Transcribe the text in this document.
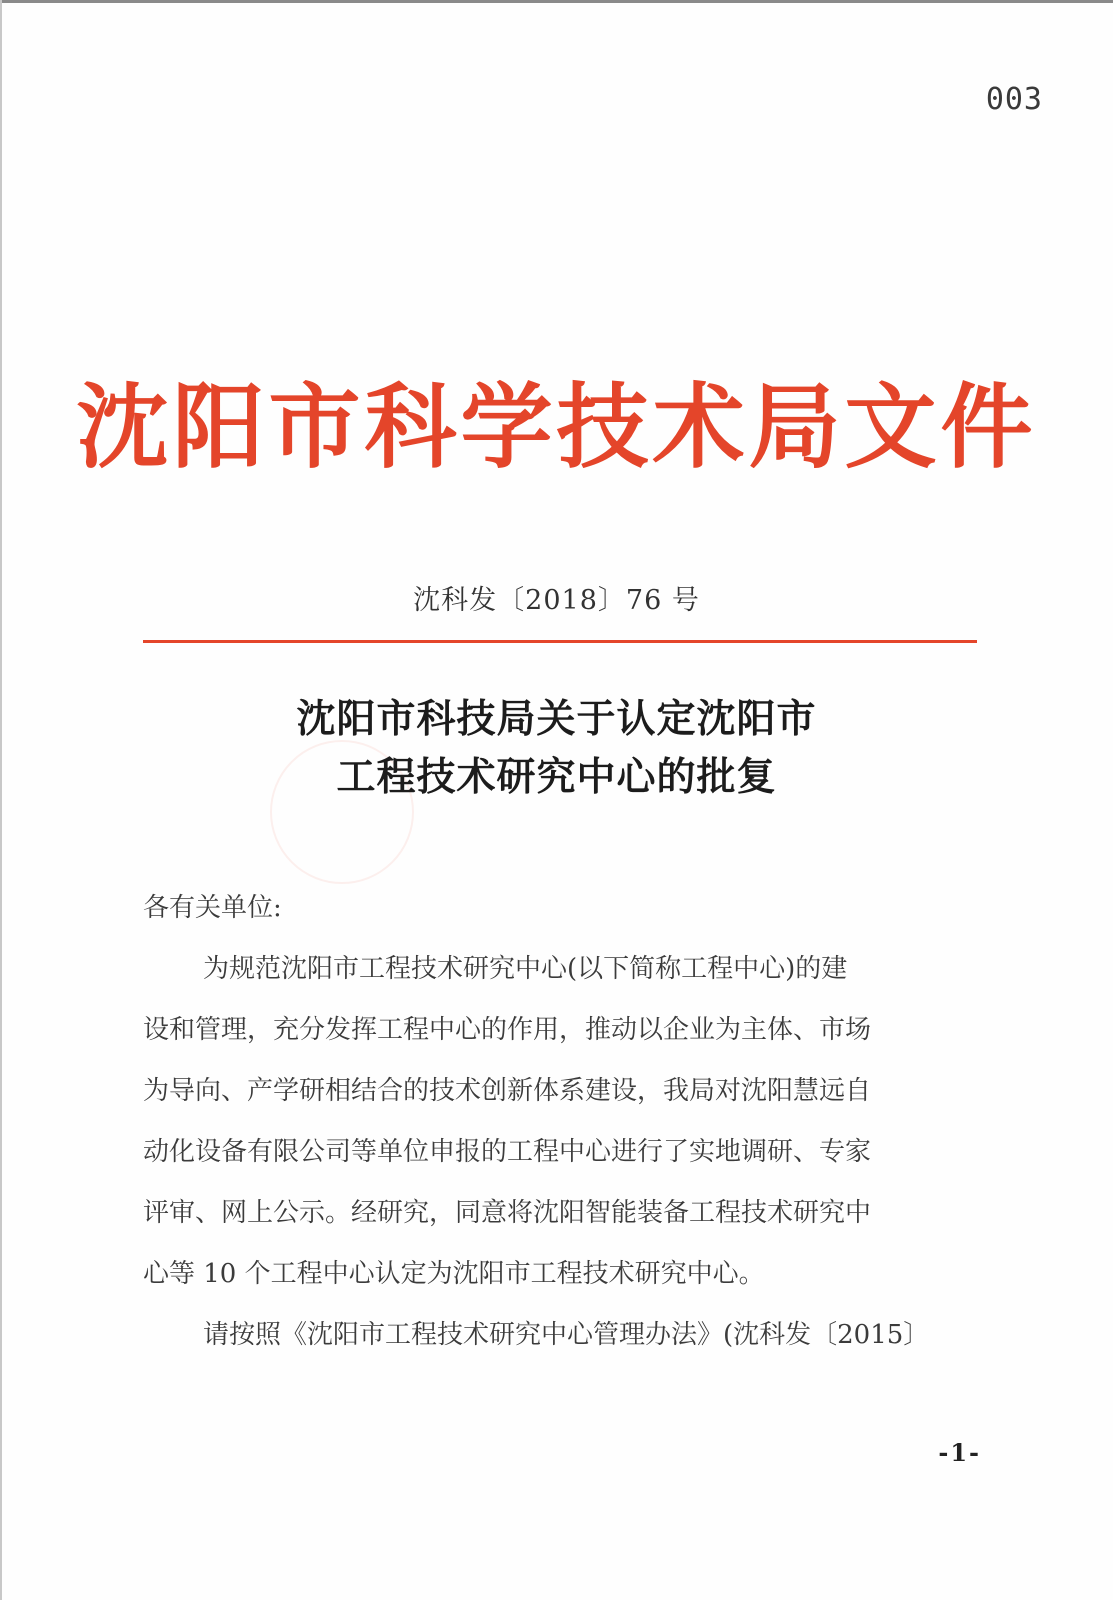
003
沈阳市科学技术局文件
沈科发〔2018〕76 号
沈阳市科技局关于认定沈阳市
工程技术研究中心的批复
各有关单位:
为规范沈阳市工程技术研究中心(以下简称工程中心)的建
设和管理，充分发挥工程中心的作用，推动以企业为主体、市场
为导向、产学研相结合的技术创新体系建设，我局对沈阳慧远自
动化设备有限公司等单位申报的工程中心进行了实地调研、专家
评审、网上公示。经研究，同意将沈阳智能装备工程技术研究中
心等 10 个工程中心认定为沈阳市工程技术研究中心。
请按照《沈阳市工程技术研究中心管理办法》(沈科发〔2015〕
-1-
